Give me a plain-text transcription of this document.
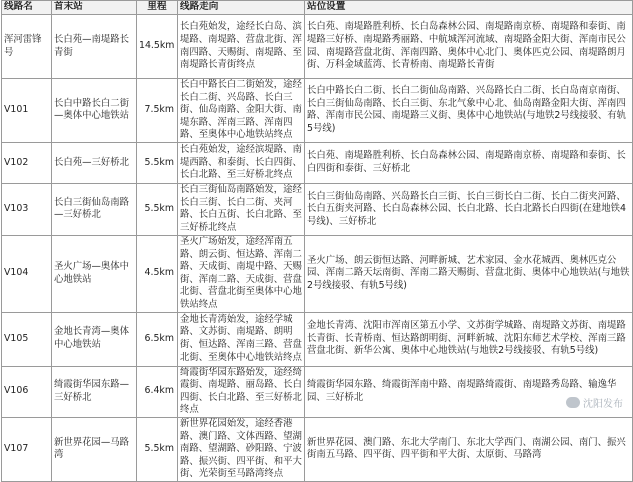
线路名	首末站	里程	线路走向	站位设置
浑河雷锋号	长白苑—南堤路长青街	14.5km	长白苑始发，途经长白岛、滨堤路、南堤路、营盘北街、浑南四路、天赐街、南堤路、至南堤路长青街终点	长白苑、南堤路胜利桥、长白岛森林公园、南堤路南京桥、南堤路和泰街、南堤路三好桥、南堤路秀丽路、中航城浑河流域、南堤路金阳大街、浑南市民公园、南堤路营盘北街、浑南四路、奥体中心北门、奥体匹克公园、南堤路朗月街、万科金域蓝湾、长青桥南、南堤路长青街
V101	长白中路长白二街—奥体中心地铁站	7.5km	长白中路长白二街始发，途经长白二街、兴岛路、长白三街、仙岛南路、金阳大街、南堤东路、浑南三路、浑南四路、至奥体中心地铁站终点	长白中路长白二街、长白二街仙岛南路、兴岛路长白二街、长白岛南京南街、长白三街仙岛南路、长白三街、东北气象中心北、仙岛南路金阳大街、浑南四路、浑南市民公园、南堤路三义街、奥体中心地铁站(与地铁2号线接驳、有轨5号线)
V102	长白苑—三好桥北	5.5km	长白苑始发，途经滨堤路、南堤西路、和泰街、长白四街、长白北路、至三好桥北终点	长白苑、南堤路胜利桥、长白岛森林公园、南堤路南京桥、南堤路和泰街、长白四街和泰街、三好桥北
V103	长白三街仙岛南路—三好桥北	5.5km	长白三街仙岛南路始发，途经长白三街、长白二街、夹河路、长白五街、长白北路、至三好桥北终点	长白三街仙岛南路、兴岛路长白三街、长白三街长白二街、长白二街夹河路、长白五街夹河路、长白岛森林公园、长白北路、长白北路长白四街(在建地铁4号线)、三好桥北
V104	圣火广场—奥体中心地铁站	4.5km	圣火广场始发，途经浑南五路、朗云街、恒达路、浑南二路、天成街、南堤中路、天赐街、浑南二路、天成街、营盘北街、营盘北街至奥体中心地铁站终点	圣火广场、朗云街恒达路、河畔新城、艺术家园、金水花城西、奥林匹克公园、浑南二路天坛南街、浑南二路天赐街、营盘北街、奥体中心地铁站(与地铁2号线接驳、有轨5号线)
V105	金地长青湾—奥体中心地铁站	6.5km	金地长青湾始发，途经学城路、文苏街、南堤路、朗明街、恒达路、浑南三路、营盘北街、至奥体中心地铁站终点	金地长青湾、沈阳市浑南区第五小学、文苏街学城路、南堤路文苏街、南堤路长青街、长青桥南、恒达路朗明街、河畔新城、沈阳东师艺术学校、浑南三路营盘北街、新华公寓、奥体中心地铁站(与地铁2号线接驳、有轨5号线)
V106	绮霞街华园东路—三好桥北	6.4km	绮霞街华园东路始发，途经绮霞街、南堤路、丽岛路、长白四街、长白北路、至三好桥北终点	绮霞街华园东路、绮霞街浑南中路、南堤路绮霞街、南堤路秀岛路、输逸华园、三好桥北
V107	新世界花园—马路湾	5.5km	新世界花园始发，途经香港路、澳门路、文体西路、望湖南路、望湖路、砂阳路、宁波路、振兴街、四平街、和平大街、光荣街至马路湾终点	新世界花园、澳门路、东北大学南门、东北大学西门、南湖公园、南门、振兴街南五马路、四平街、四平街和平大街、太原街、马路湾
沈阳发布
